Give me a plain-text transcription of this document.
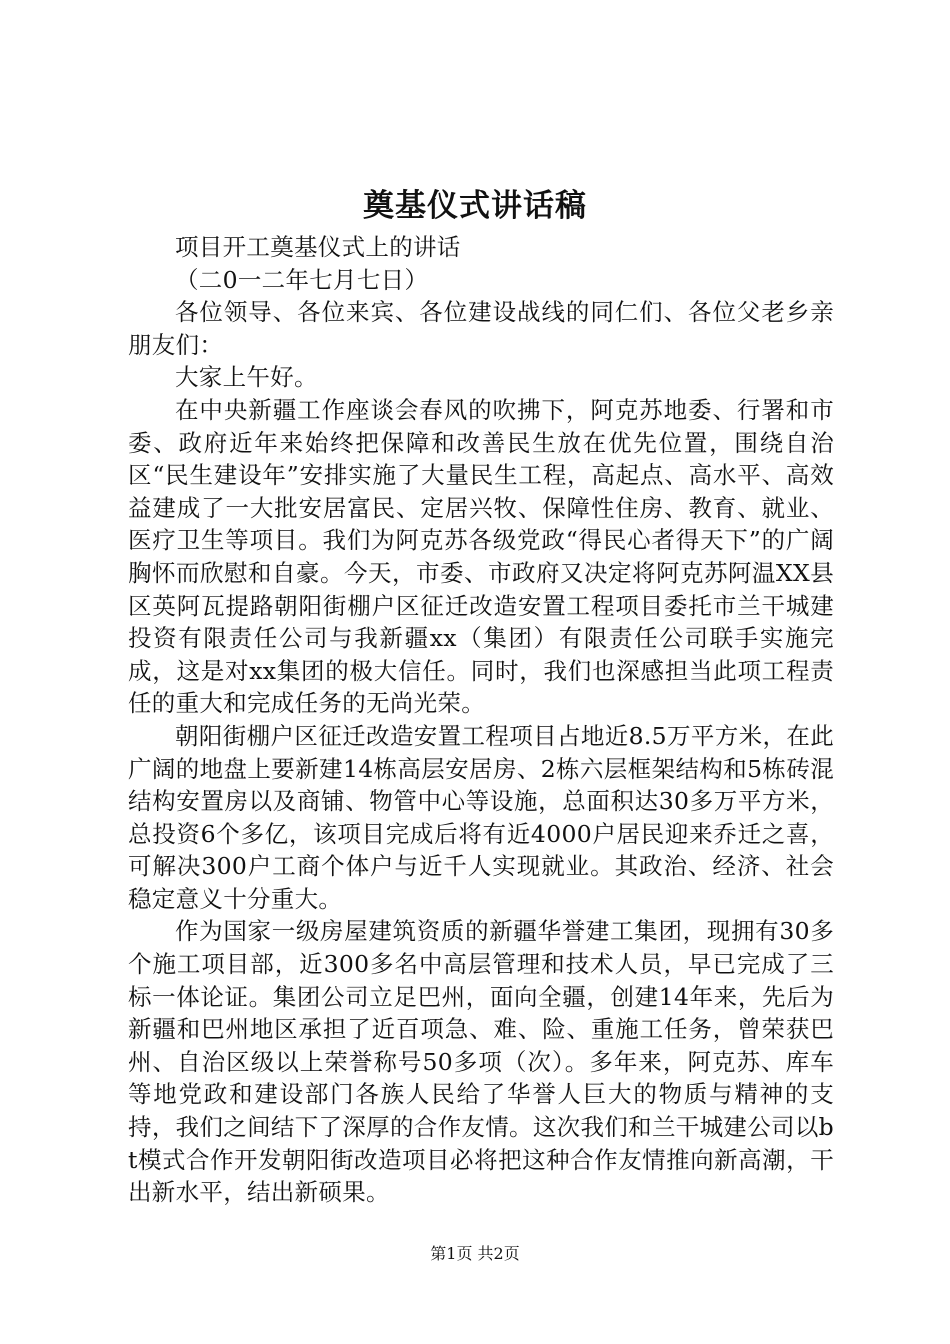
奠基仪式讲话稿

项目开工奠基仪式上的讲话

（二0一二年七月七日）

各位领导、各位来宾、各位建设战线的同仁们、各位父老乡亲朋友们：

大家上午好。

在中央新疆工作座谈会春风的吹拂下，阿克苏地委、行署和市委、政府近年来始终把保障和改善民生放在优先位置，围绕自治区“民生建设年”安排实施了大量民生工程，高起点、高水平、高效益建成了一大批安居富民、定居兴牧、保障性住房、教育、就业、医疗卫生等项目。我们为阿克苏各级党政“得民心者得天下”的广阔胸怀而欣慰和自豪。今天，市委、市政府又决定将阿克苏阿温XX县区英阿瓦提路朝阳街棚户区征迁改造安置工程项目委托市兰干城建投资有限责任公司与我新疆xx（集团）有限责任公司联手实施完成，这是对xx集团的极大信任。同时，我们也深感担当此项工程责任的重大和完成任务的无尚光荣。

朝阳街棚户区征迁改造安置工程项目占地近8.5万平方米，在此广阔的地盘上要新建14栋高层安居房、2栋六层框架结构和5栋砖混结构安置房以及商铺、物管中心等设施，总面积达30多万平方米，总投资6个多亿，该项目完成后将有近4000户居民迎来乔迁之喜，可解决300户工商个体户与近千人实现就业。其政治、经济、社会稳定意义十分重大。

作为国家一级房屋建筑资质的新疆华誉建工集团，现拥有30多个施工项目部，近300多名中高层管理和技术人员，早已完成了三标一体论证。集团公司立足巴州，面向全疆，创建14年来，先后为新疆和巴州地区承担了近百项急、难、险、重施工任务，曾荣获巴州、自治区级以上荣誉称号50多项（次）。多年来，阿克苏、库车等地党政和建设部门各族人民给了华誉人巨大的物质与精神的支持，我们之间结下了深厚的合作友情。这次我们和兰干城建公司以bt模式合作开发朝阳街改造项目必将把这种合作友情推向新高潮，干出新水平，结出新硕果。

第1页 共2页
